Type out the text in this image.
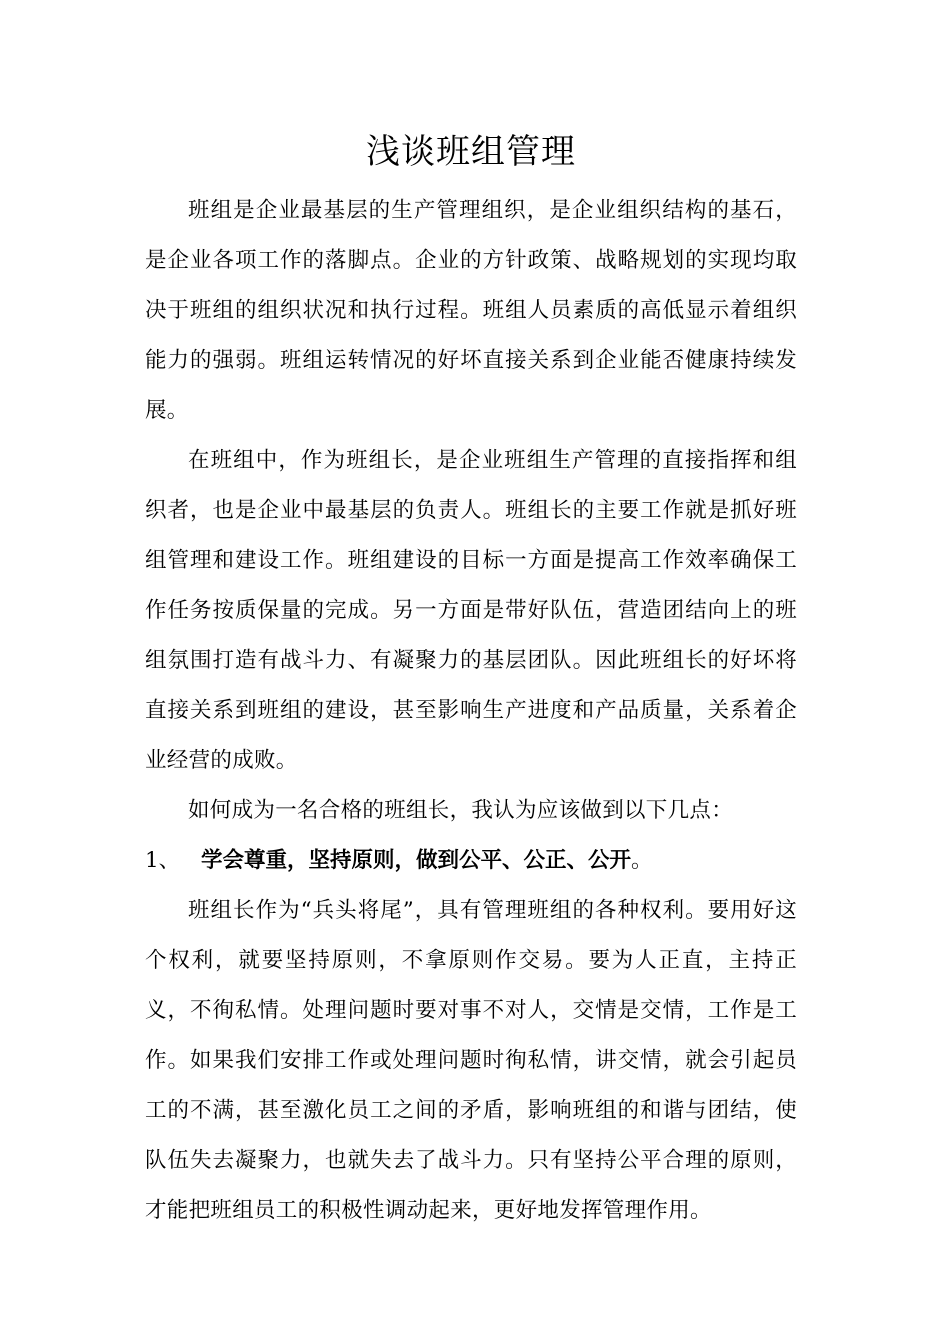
浅谈班组管理

班组是企业最基层的生产管理组织，是企业组织结构的基石，是企业各项工作的落脚点。企业的方针政策、战略规划的实现均取决于班组的组织状况和执行过程。班组人员素质的高低显示着组织能力的强弱。班组运转情况的好坏直接关系到企业能否健康持续发展。

在班组中，作为班组长，是企业班组生产管理的直接指挥和组织者，也是企业中最基层的负责人。班组长的主要工作就是抓好班组管理和建设工作。班组建设的目标一方面是提高工作效率确保工作任务按质保量的完成。另一方面是带好队伍，营造团结向上的班组氛围打造有战斗力、有凝聚力的基层团队。因此班组长的好坏将直接关系到班组的建设，甚至影响生产进度和产品质量，关系着企业经营的成败。

如何成为一名合格的班组长，我认为应该做到以下几点：

1、 学会尊重，坚持原则，做到公平、公正、公开 。

班组长作为“兵头将尾”，具有管理班组的各种权利。要用好这个权利，就要坚持原则，不拿原则作交易。要为人正直，主持正义，不徇私情。处理问题时要对事不对人，交情是交情，工作是工作。如果我们安排工作或处理问题时徇私情，讲交情，就会引起员工的不满，甚至激化员工之间的矛盾，影响班组的和谐与团结，使队伍失去凝聚力，也就失去了战斗力。只有坚持公平合理的原则，才能把班组员工的积极性调动起来，更好地发挥管理作用。
